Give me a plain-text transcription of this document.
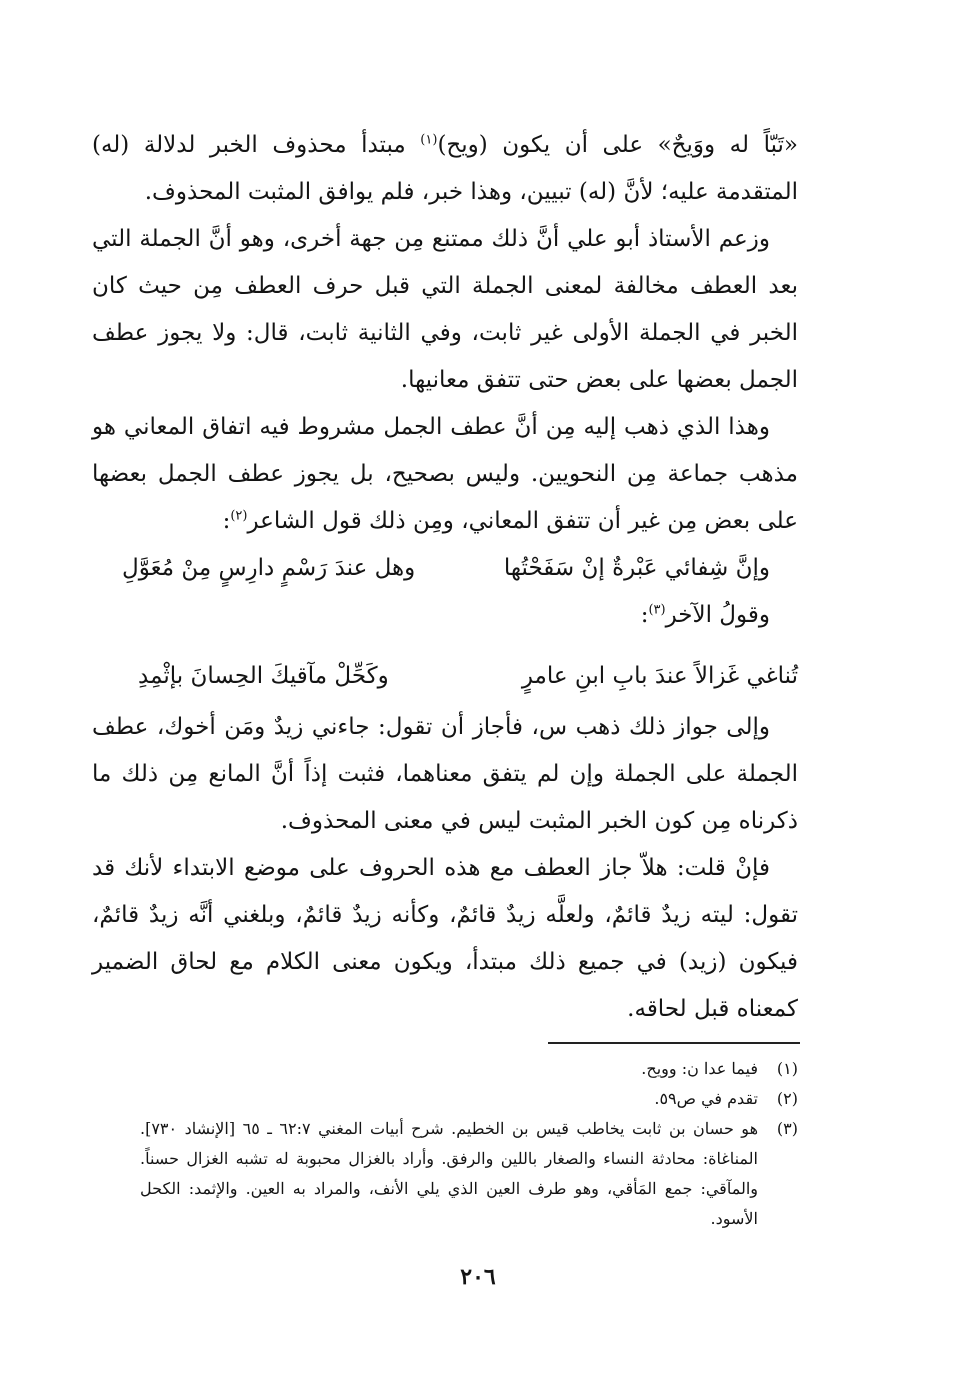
«تَبّاً له ووَيحٌ» على أن يكون (ويح)$^{(١)}$ مبتدأ محذوف الخبر لدلالة (له) المتقدمة عليه؛ لأنَّ (له) تبيين، وهذا خبر، فلم يوافق المثبت المحذوف.

وزعم الأستاذ أبو علي أنَّ ذلك ممتنع مِن جهة أخرى، وهو أنَّ الجملة التي بعد العطف مخالفة لمعنى الجملة التي قبل حرف العطف مِن حيث كان الخبر في الجملة الأولى غير ثابت، وفي الثانية ثابت، قال: ولا يجوز عطف الجمل بعضها على بعض حتى تتفق معانيها.

وهذا الذي ذهب إليه مِن أنَّ عطف الجمل مشروط فيه اتفاق المعاني هو مذهب جماعة مِن النحويين. وليس بصحيح، بل يجوز عطف الجمل بعضها على بعض مِن غير أن تتفق المعاني، ومِن ذلك قول الشاعر$^{(٢)}$:

وإنَّ شِفائي عَبْرةٌ إنْ سَفَحْتُها
وهل عندَ رَسْمٍ دارِسٍ مِنْ مُعَوَّلِ

وقولُ الآخر$^{(٣)}$:

تُناغي غَزالاً عندَ بابِ ابنِ عامرٍ
وكَحِّلْ مآقيكَ الحِسانَ بإثْمِدِ

وإلى جواز ذلك ذهب س، فأجاز أن تقول: جاءني زيدٌ ومَن أخوك، عطف الجملة على الجملة وإن لم يتفق معناهما، فثبت إذاً أنَّ المانع مِن ذلك ما ذكرناه مِن كون الخبر المثبت ليس في معنى المحذوف.

فإنْ قلت: هلاّ جاز العطف مع هذه الحروف على موضع الابتداء لأنك قد تقول: ليته زيدٌ قائمٌ، ولعلَّه زيدٌ قائمٌ، وكأنه زيدٌ قائمٌ، وبلغني أنَّه زيدٌ قائمٌ، فيكون (زيد) في جميع ذلك مبتدأ، ويكون معنى الكلام مع لحاق الضمير كمعناه قبل لحاقه.

(١)
فيما عدا ن: وويح.
(٢)
تقدم في ص٥٩.
(٣)
هو حسان بن ثابت يخاطب قيس بن الخطيم. شرح أبيات المغني ٦٢:٧ ـ ٦٥ [الإنشاد ٧٣٠]. المناغاة: محادثة النساء والصغار باللين والرفق. وأراد بالغزال محبوبة له تشبه الغزال حسناً. والمآقي: جمع المَأقي، وهو طرف العين الذي يلي الأنف، والمراد به العين. والإثمد: الكحل الأسود.
٢٠٦
